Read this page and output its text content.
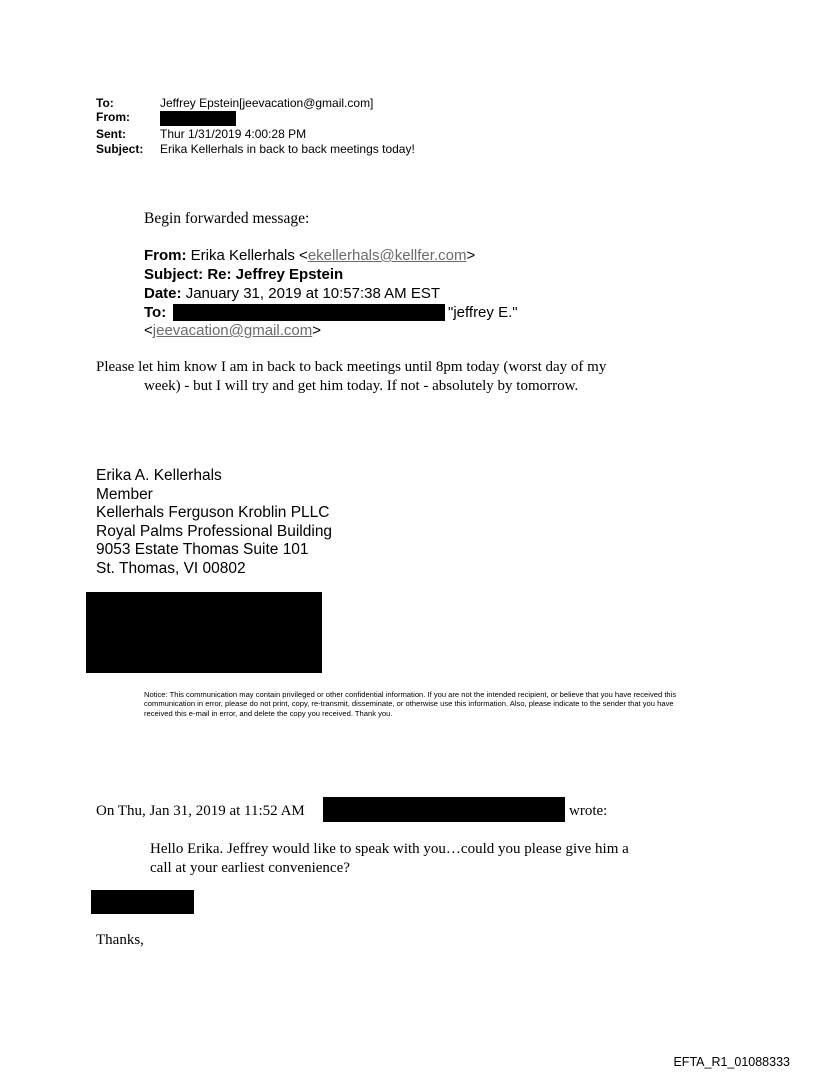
To:	Jeffrey Epstein[jeevacation@gmail.com]
From:
Sent:	Thur 1/31/2019 4:00:28 PM
Subject: Erika Kellerhals in back to back meetings today!
Begin forwarded message:
From: Erika Kellerhals <ekellerhals@kellfer.com>
Subject: Re: Jeffrey Epstein
Date: January 31, 2019 at 10:57:38 AM EST
To:	"jeffrey E."
<jeevacation@gmail.com>
Please let him know I am in back to back meetings until 8pm today (worst day of my
week) - but I will try and get him today. If not - absolutely by tomorrow.
Erika A. Kellerhals
Member
Kellerhals Ferguson Kroblin PLLC
Royal Palms Professional Building
9053 Estate Thomas Suite 101
St. Thomas, VI 00802
Notice: This communication may contain privileged or other confidential information. If you are not the intended recipient, or believe that you have received this communication in error, please do not print, copy, re-transmit, disseminate, or otherwise use this information. Also, please indicate to the sender that you have received this e-mail in error, and delete the copy you received. Thank you.
On Thu, Jan 31, 2019 at 11:52 AM	wrote:
Hello Erika. Jeffrey would like to speak with you…could you please give him a
call at your earliest convenience?
Thanks,
EFTA_R1_01088333
